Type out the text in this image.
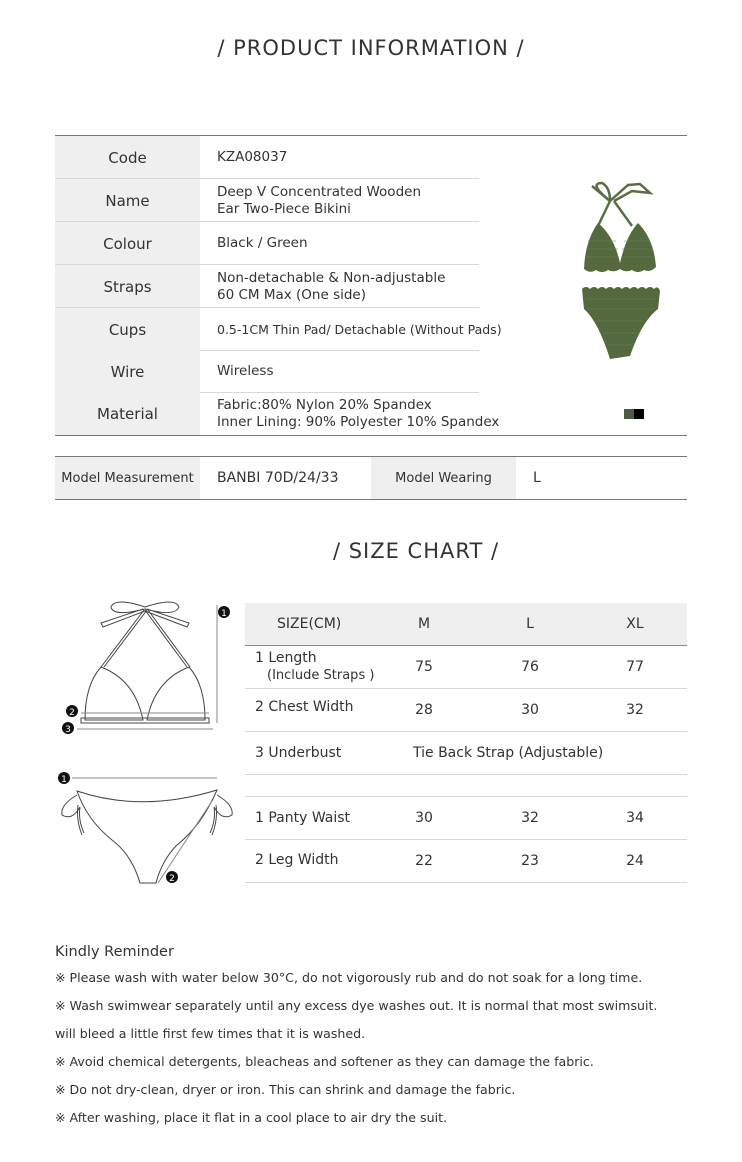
/ PRODUCT INFORMATION /
Code	KZA08037
Name	Deep V Concentrated Wooden
Ear Two-Piece Bikini
Colour	Black / Green
Straps	Non-detachable & Non-adjustable
60 CM Max (One side)
Cups	0.5-1CM Thin Pad/ Detachable (Without Pads)
Wire	Wireless
Material	Fabric:80% Nylon 20% Spandex
Inner Lining: 90% Polyester 10% Spandex
Model Measurement	BANBI 70D/24/33	Model Wearing	L
/ SIZE CHART /
1
2
3
1
2
SIZE(CM)	M	L	XL
1 Length
(Include Straps )
75	76	77
2 Chest Width	28	30	32
3 Underbust	Tie Back Strap (Adjustable)
1 Panty Waist	30	32	34
2 Leg Width	22	23	24
Kindly Reminder
※ Please wash with water below 30°C, do not vigorously rub and do not soak for a long time.
※ Wash swimwear separately until any excess dye washes out. It is normal that most swimsuit.
will bleed a little first few times that it is washed.
※ Avoid chemical detergents, bleacheas and softener as they can damage the fabric.
※ Do not dry-clean, dryer or iron. This can shrink and damage the fabric.
※ After washing, place it flat in a cool place to air dry the suit.
